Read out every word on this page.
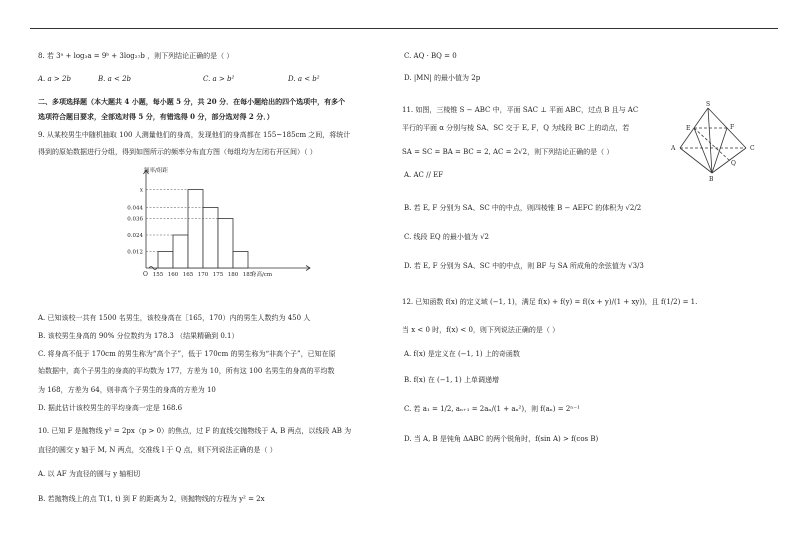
8. 若 3ᵃ + log₃a = 9ᵇ + 3log₂₇b ，则下列结论正确的是（ ）
A. a > 2b	B. a < 2b	C. a > b²	D. a < b²
二、多项选择题（本大题共 4 小题，每小题 5 分，共 20 分．在每小题给出的四个选项中，有多个
选项符合题目要求，全部选对得 5 分，有错选得 0 分，部分选对得 2 分．）
9. 从某校男生中随机抽取 100 人测量他们的身高，发现他们的身高都在 155~185cm 之间，将统计
得到的原始数据进行分组，得到如图所示的频率分布直方图（每组均为左闭右开区间）（ ）
A. 已知该校一共有 1500 名男生，该校身高在［165，170）内的男生人数约为 450 人
B. 该校男生身高的 90% 分位数约为 178.3 （结果精确到 0.1）
C. 将身高不低于 170cm 的男生称为“高个子”，低于 170cm 的男生称为“非高个子”，已知在原
始数据中，高个子男生的身高的平均数为 177，方差为 10，所有这 100 名男生的身高的平均数
为 168，方差为 64，则非高个子男生的身高的方差为 10
D. 据此估计该校男生的平均身高一定是 168.6
10. 已知 F 是抛物线 y² = 2px（p > 0）的焦点，过 F 的直线交抛物线于 A, B 两点，以线段 AB 为
直径的圆交 y 轴于 M, N 两点，交准线 l 于 Q 点，则下列说法正确的是（ ）
A. 以 AF 为直径的圆与 y 轴相切
B. 若抛物线上的点 T(1, t) 到 F 的距离为 2，则抛物线的方程为 y² = 2x
频率/组距
O	身高/cm
x
0.044
0.036
0.024
0.012
155 160 165 170 175 180 185
C. AQ · BQ = 0
D. |MN| 的最小值为 2p
11. 如图，三棱锥 S − ABC 中，平面 SAC ⊥ 平面 ABC，过点 B 且与 AC
平行的平面 α 分别与棱 SA、SC 交于 E, F，Q 为线段 BC 上的动点，若
SA = SC = BA = BC = 2, AC = 2√2，则下列结论正确的是（ ）
A. AC // EF
B. 若 E, F 分别为 SA、SC 中的中点，则四棱锥 B − AEFC 的体积为 √2/2
C. 线段 EQ 的最小值为 √2
D. 若 E, F 分别为 SA、SC 中的中点，则 BF 与 SA 所成角的余弦值为 √3/3
12. 已知函数 f(x) 的定义域 (−1, 1)，满足 f(x) + f(y) = f((x + y)/(1 + xy))，且 f(1/2) = 1.
当 x < 0 时，f(x) < 0，则下列说法正确的是（ ）
A. f(x) 是定义在 (−1, 1) 上的奇函数
B. f(x) 在 (−1, 1) 上单调递增
C. 若 a₁ = 1/2, aₙ₊₁ = 2aₙ/(1 + aₙ²)，则 f(aₙ) = 2ⁿ⁻¹
D. 当 A, B 是钝角 ΔABC 的两个锐角时，f(sin A) > f(cos B)
S
E	F
A	C
Q
B
